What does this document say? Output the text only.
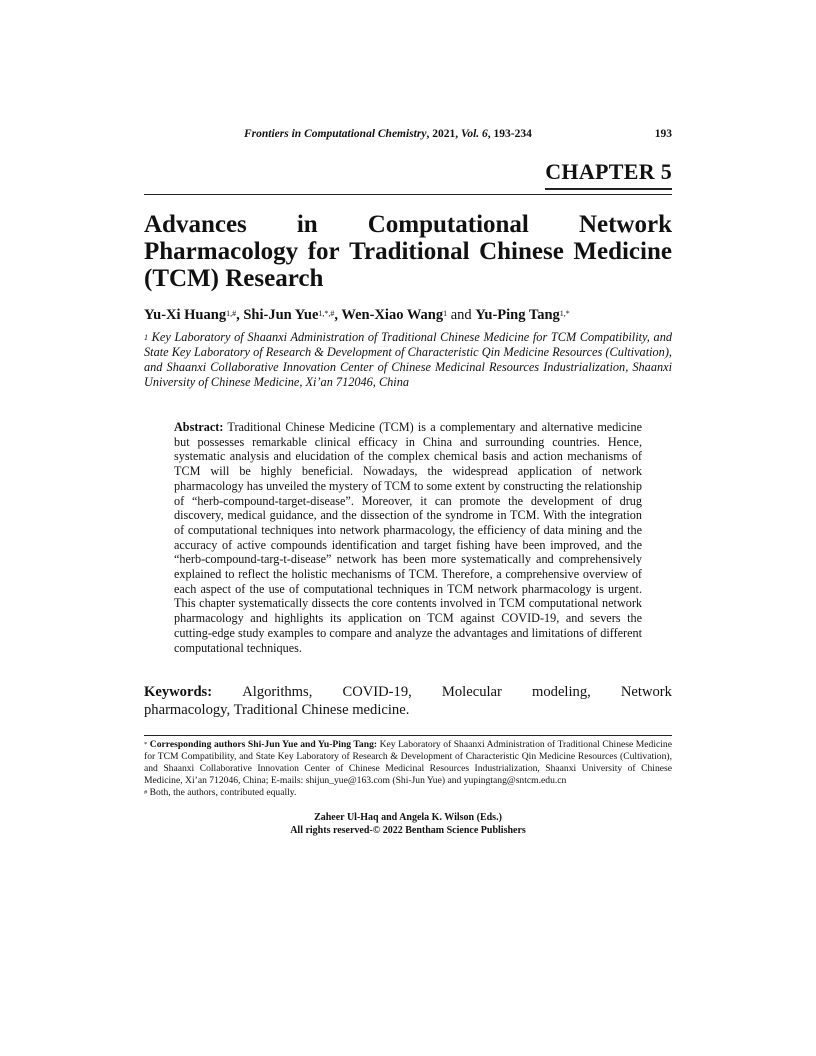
Frontiers in Computational Chemistry, 2021, Vol. 6, 193-234	193
CHAPTER 5
Advances in Computational Network
Pharmacology for Traditional Chinese Medicine
(TCM) Research
Yu-Xi Huang$^{1,\#}$, Shi-Jun Yue$^{1,*,\#}$, Wen-Xiao Wang$^1$ and Yu-Ping Tang$^{1,*}$
$^1$ Key Laboratory of Shaanxi Administration of Traditional Chinese Medicine for TCM Compatibility, and State Key Laboratory of Research & Development of Characteristic Qin Medicine Resources (Cultivation), and Shaanxi Collaborative Innovation Center of Chinese Medicinal Resources Industrialization, Shaanxi University of Chinese Medicine, Xi’an 712046, China
Abstract: Traditional Chinese Medicine (TCM) is a complementary and alternative medicine but possesses remarkable clinical efficacy in China and surrounding countries. Hence, systematic analysis and elucidation of the complex chemical basis and action mechanisms of TCM will be highly beneficial. Nowadays, the widespread application of network pharmacology has unveiled the mystery of TCM to some extent by constructing the relationship of “herb-compound-target-disease”. Moreover, it can promote the development of drug discovery, medical guidance, and the dissection of the syndrome in TCM. With the integration of computational techniques into network pharmacology, the efficiency of data mining and the accuracy of active compounds identification and target fishing have been improved, and the “herb-compound-targ-t-disease” network has been more systematically and comprehensively explained to reflect the holistic mechanisms of TCM. Therefore, a comprehensive overview of each aspect of the use of computational techniques in TCM network pharmacology is urgent. This chapter systematically dissects the core contents involved in TCM computational network pharmacology and highlights its application on TCM against COVID-19, and severs the cutting-edge study examples to compare and analyze the advantages and limitations of different computational techniques.
Keywords: Algorithms, COVID-19, Molecular modeling, Network
pharmacology, Traditional Chinese medicine.
* Corresponding authors Shi-Jun Yue and Yu-Ping Tang: Key Laboratory of Shaanxi Administration of Traditional Chinese Medicine for TCM Compatibility, and State Key Laboratory of Research & Development of Characteristic Qin Medicine Resources (Cultivation), and Shaanxi Collaborative Innovation Center of Chinese Medicinal Resources Industrialization, Shaanxi University of Chinese Medicine, Xi’an 712046, China; E-mails: shijun_yue@163.com (Shi-Jun Yue) and yupingtang@sntcm.edu.cn
# Both, the authors, contributed equally.
Zaheer Ul-Haq and Angela K. Wilson (Eds.)
All rights reserved-© 2022 Bentham Science Publishers
